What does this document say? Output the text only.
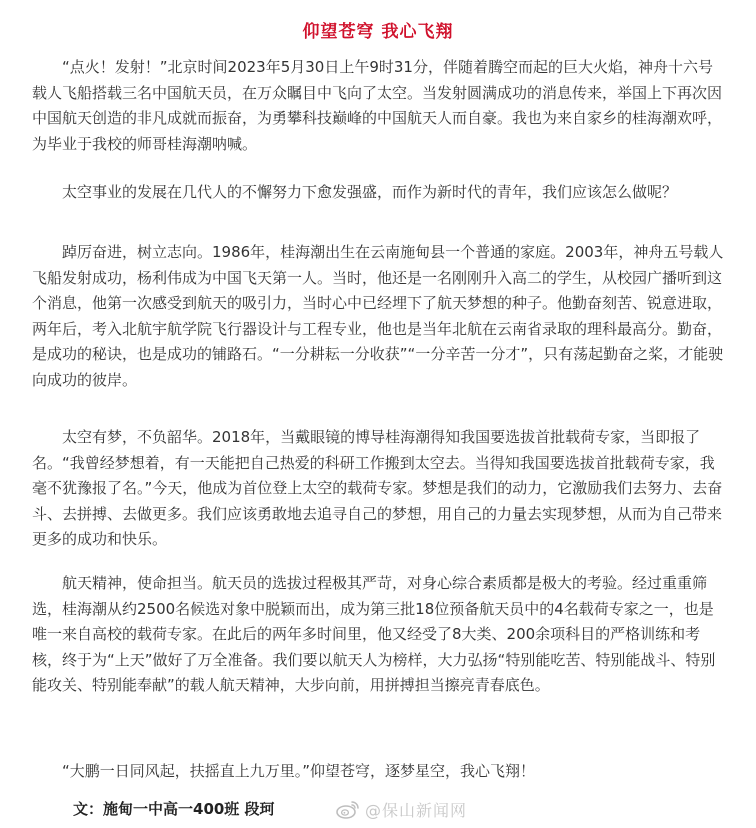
仰望苍穹 我心飞翔

“点火！发射！”北京时间2023年5月30日上午9时31分，伴随着腾空而起的巨大火焰，神舟十六号载人飞船搭载三名中国航天员，在万众瞩目中飞向了太空。当发射圆满成功的消息传来，举国上下再次因中国航天创造的非凡成就而振奋，为勇攀科技巅峰的中国航天人而自豪。我也为来自家乡的桂海潮欢呼，为毕业于我校的师哥桂海潮呐喊。

太空事业的发展在几代人的不懈努力下愈发强盛，而作为新时代的青年，我们应该怎么做呢？

踔厉奋进，树立志向。1986年，桂海潮出生在云南施甸县一个普通的家庭。2003年，神舟五号载人飞船发射成功，杨利伟成为中国飞天第一人。当时，他还是一名刚刚升入高二的学生，从校园广播听到这个消息，他第一次感受到航天的吸引力，当时心中已经埋下了航天梦想的种子。他勤奋刻苦、锐意进取，两年后，考入北航宇航学院飞行器设计与工程专业，他也是当年北航在云南省录取的理科最高分。勤奋，是成功的秘诀，也是成功的铺路石。“一分耕耘一分收获”“一分辛苦一分才”，只有荡起勤奋之桨，才能驶向成功的彼岸。

太空有梦，不负韶华。2018年，当戴眼镜的博导桂海潮得知我国要选拔首批载荷专家，当即报了名。“我曾经梦想着，有一天能把自己热爱的科研工作搬到太空去。当得知我国要选拔首批载荷专家，我毫不犹豫报了名。”今天，他成为首位登上太空的载荷专家。梦想是我们的动力，它激励我们去努力、去奋斗、去拼搏、去做更多。我们应该勇敢地去追寻自己的梦想，用自己的力量去实现梦想，从而为自己带来更多的成功和快乐。

航天精神，使命担当。航天员的选拔过程极其严苛，对身心综合素质都是极大的考验。经过重重筛选，桂海潮从约2500名候选对象中脱颖而出，成为第三批18位预备航天员中的4名载荷专家之一，也是唯一来自高校的载荷专家。在此后的两年多时间里，他又经受了8大类、200余项科目的严格训练和考核，终于为“上天”做好了万全准备。我们要以航天人为榜样，大力弘扬“特别能吃苦、特别能战斗、特别能攻关、特别能奉献”的载人航天精神，大步向前，用拼搏担当擦亮青春底色。

“大鹏一日同风起，扶摇直上九万里。”仰望苍穹，逐梦星空，我心飞翔！

文：施甸一中高一400班 段珂	@保山新闻网
